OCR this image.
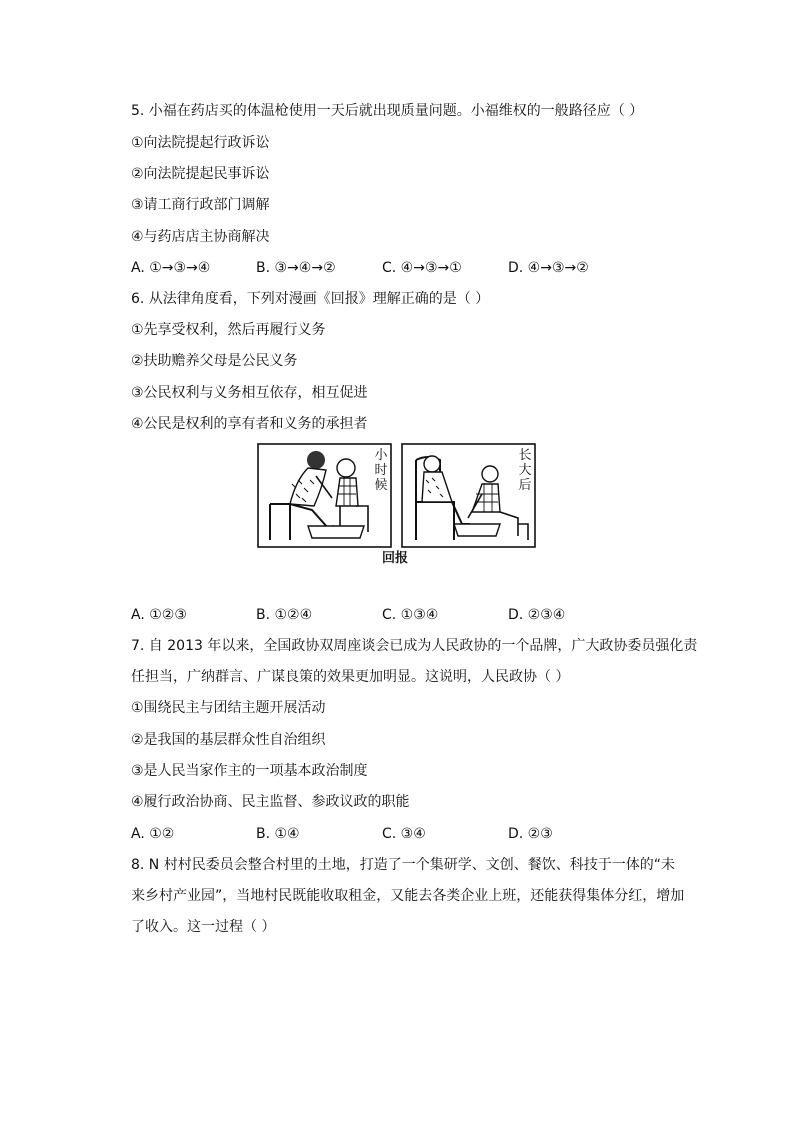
5. 小福在药店买的体温枪使用一天后就出现质量问题。小福维权的一般路径应（ ）
①向法院提起行政诉讼
②向法院提起民事诉讼
③请工商行政部门调解
④与药店店主协商解决
A. ①→③→④	B. ③→④→②	C. ④→③→①	D. ④→③→②
6. 从法律角度看，下列对漫画《回报》理解正确的是（ ）
①先享受权利，然后再履行义务
②扶助赡养父母是公民义务
③公民权利与义务相互依存，相互促进
④公民是权利的享有者和义务的承担者
小
时
候
长
大
后
回报
A. ①②③	B. ①②④	C. ①③④	D. ②③④
7. 自 2013 年以来，全国政协双周座谈会已成为人民政协的一个品牌，广大政协委员强化责
任担当，广纳群言、广谋良策的效果更加明显。这说明，人民政协（ ）
①围绕民主与团结主题开展活动
②是我国的基层群众性自治组织
③是人民当家作主的一项基本政治制度
④履行政治协商、民主监督、参政议政的职能
A. ①②	B. ①④	C. ③④	D. ②③
8. N 村村民委员会整合村里的土地，打造了一个集研学、文创、餐饮、科技于一体的“未
来乡村产业园”，当地村民既能收取租金，又能去各类企业上班，还能获得集体分红，增加
了收入。这一过程（ ）
